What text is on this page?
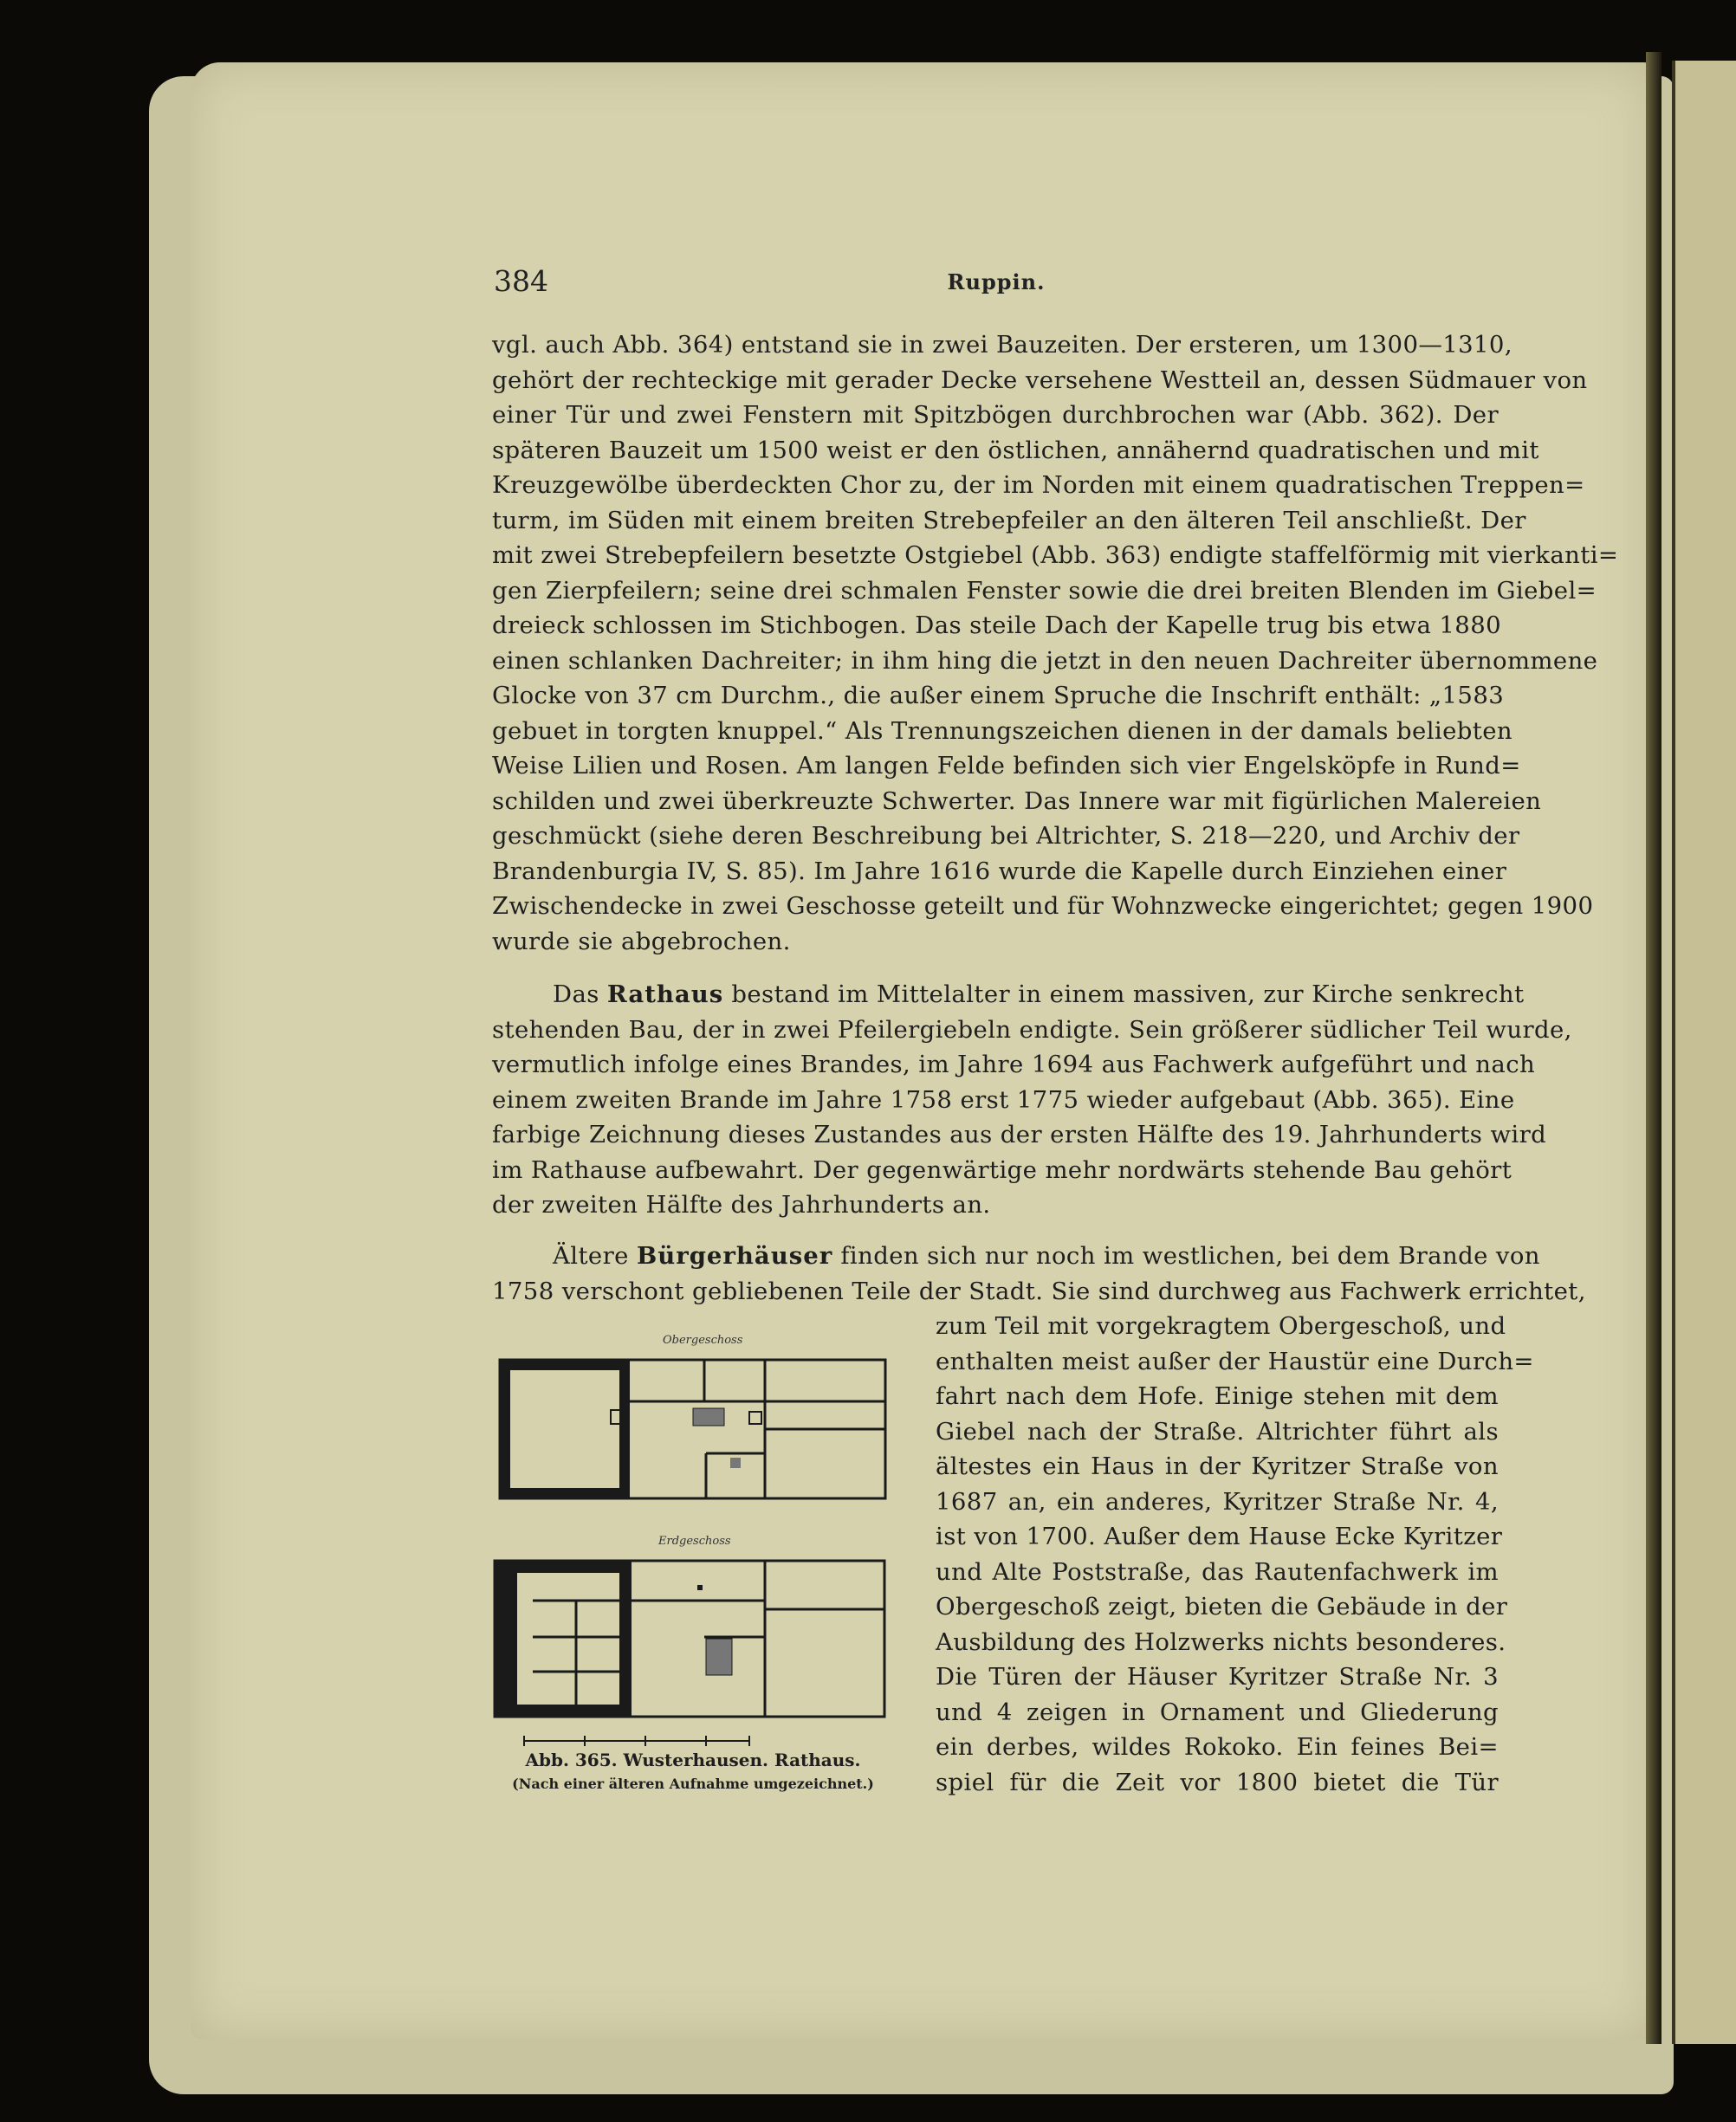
384	Ruppin.
vgl. auch Abb. 364) entstand sie in zwei Bauzeiten. Der ersteren, um 1300—1310,
gehört der rechteckige mit gerader Decke versehene Westteil an, dessen Südmauer von
einer Tür und zwei Fenstern mit Spitzbögen durchbrochen war (Abb. 362). Der
späteren Bauzeit um 1500 weist er den östlichen, annähernd quadratischen und mit
Kreuzgewölbe überdeckten Chor zu, der im Norden mit einem quadratischen Treppen=
turm, im Süden mit einem breiten Strebepfeiler an den älteren Teil anschließt. Der
mit zwei Strebepfeilern besetzte Ostgiebel (Abb. 363) endigte staffelförmig mit vierkanti=
gen Zierpfeilern; seine drei schmalen Fenster sowie die drei breiten Blenden im Giebel=
dreieck schlossen im Stichbogen. Das steile Dach der Kapelle trug bis etwa 1880
einen schlanken Dachreiter; in ihm hing die jetzt in den neuen Dachreiter übernommene
Glocke von 37 cm Durchm., die außer einem Spruche die Inschrift enthält: „1583
gebuet in torgten knuppel.“ Als Trennungszeichen dienen in der damals beliebten
Weise Lilien und Rosen. Am langen Felde befinden sich vier Engelsköpfe in Rund=
schilden und zwei überkreuzte Schwerter. Das Innere war mit figürlichen Malereien
geschmückt (siehe deren Beschreibung bei Altrichter, S. 218—220, und Archiv der
Brandenburgia IV, S. 85). Im Jahre 1616 wurde die Kapelle durch Einziehen einer
Zwischendecke in zwei Geschosse geteilt und für Wohnzwecke eingerichtet; gegen 1900
wurde sie abgebrochen.
Das Rathaus bestand im Mittelalter in einem massiven, zur Kirche senkrecht
stehenden Bau, der in zwei Pfeilergiebeln endigte. Sein größerer südlicher Teil wurde,
vermutlich infolge eines Brandes, im Jahre 1694 aus Fachwerk aufgeführt und nach
einem zweiten Brande im Jahre 1758 erst 1775 wieder aufgebaut (Abb. 365). Eine
farbige Zeichnung dieses Zustandes aus der ersten Hälfte des 19. Jahrhunderts wird
im Rathause aufbewahrt. Der gegenwärtige mehr nordwärts stehende Bau gehört
der zweiten Hälfte des Jahrhunderts an.
Ältere Bürgerhäuser finden sich nur noch im westlichen, bei dem Brande von
1758 verschont gebliebenen Teile der Stadt. Sie sind durchweg aus Fachwerk errichtet,
zum Teil mit vorgekragtem Obergeschoß, und
enthalten meist außer der Haustür eine Durch=
fahrt nach dem Hofe. Einige stehen mit dem
Giebel nach der Straße. Altrichter führt als
ältestes ein Haus in der Kyritzer Straße von
1687 an, ein anderes, Kyritzer Straße Nr. 4,
ist von 1700. Außer dem Hause Ecke Kyritzer
und Alte Poststraße, das Rautenfachwerk im
Obergeschoß zeigt, bieten die Gebäude in der
Ausbildung des Holzwerks nichts besonderes.
Die Türen der Häuser Kyritzer Straße Nr. 3
und 4 zeigen in Ornament und Gliederung
ein derbes, wildes Rokoko. Ein feines Bei=
spiel für die Zeit vor 1800 bietet die Tür
Obergeschoss
Erdgeschoss
Abb. 365. Wusterhausen. Rathaus.
(Nach einer älteren Aufnahme umgezeichnet.)
